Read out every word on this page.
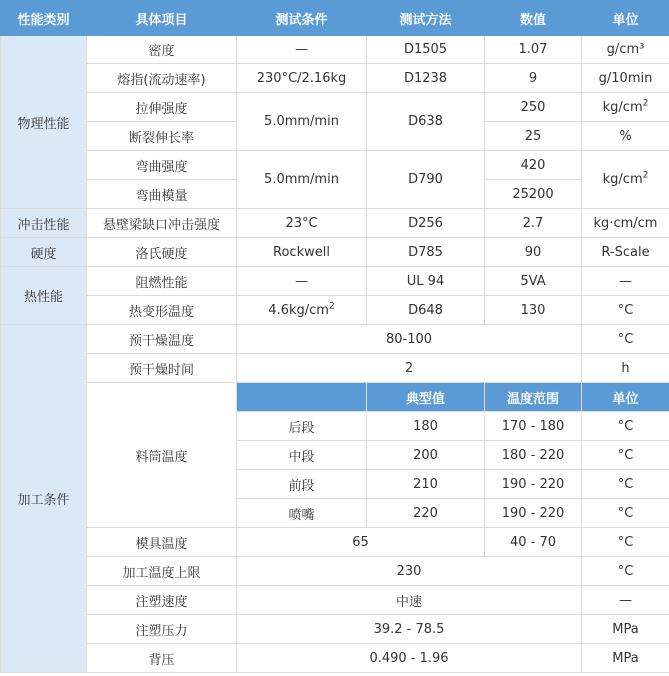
性能类别	具体项目	测试条件	测试方法	数值	单位
物理性能	密度	—	D1505	1.07	g/cm³
	熔指(流动速率)	230°C/2.16kg	D1238	9	g/10min
	拉伸强度	5.0mm/min	D638	250	$kg/cm^2$
	断裂伸长率			25	%
	弯曲强度	5.0mm/min	D790	420	$kg/cm^2$
	弯曲模量			25200	
冲击性能	悬壁梁缺口冲击强度	23°C	D256	2.7	kg·cm/cm
硬度	洛氏硬度	Rockwell	D785	90	R-Scale
热性能	阻燃性能	—	UL 94	5VA	—
	热变形温度	$4.6kg/cm^2$	D648	130	°C
加工条件	预干燥温度	80-100			°C
	预干燥时间	2			h
	料筒温度		典型值	温度范围	单位
		后段	180	170 - 180	°C
		中段	200	180 - 220	°C
		前段	210	190 - 220	°C
		喷嘴	220	190 - 220	°C
	模具温度	65		40 - 70	°C
	加工温度上限	230			°C
	注塑速度	中速			—
	注塑压力	39.2 - 78.5			MPa
	背压	0.490 - 1.96			MPa
